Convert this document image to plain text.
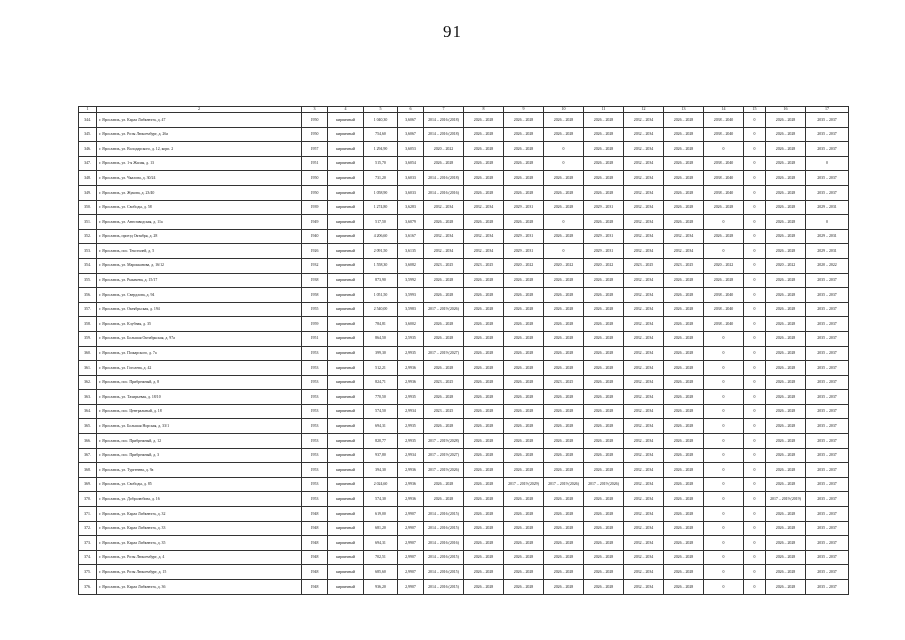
91
1	2	3	4	5	6	7	8	9	10	11	12	13	14	15	16	17
344.	г. Ярославль, ул. Карла Либкнехта, д. 47	1950	кирпичный	1 040,30	3,6067	2014 – 2016 (2018)	2026 – 2028	2026 – 2028	2026 – 2028	2026 – 2028	2032 – 2034	2026 – 2028	2038 – 2040	0	2026 – 2028	2035 – 2037
345.	г. Ярославль, ул. Розы Люксембург, д. 26а	1950	кирпичный	754,60	3,6067	2014 – 2016 (2018)	2026 – 2028	2026 – 2028	2026 – 2028	2026 – 2028	2032 – 2034	2026 – 2028	2038 – 2040	0	2026 – 2028	2035 – 2037
346.	г. Ярославль, ул. Володарского, д. 12, корп. 2	1957	кирпичный	1 294,90	3,6053	2020 – 2022	2026 – 2028	2026 – 2028	0	2026 – 2028	2032 – 2034	2026 – 2028	0	0	2026 – 2028	2035 – 2037
347.	г. Ярославль, ул. 1-я Жилая, д. 13	1951	кирпичный	515,70	3,6054	2026 – 2028	2026 – 2028	2026 – 2028	0	2026 – 2028	2032 – 2034	2026 – 2028	2038 – 2040	0	2026 – 2028	0
348.	г. Ярославль, ул. Чкалова, д. 30/24	1950	кирпичный	731,20	3,6033	2014 – 2016 (2018)	2026 – 2028	2026 – 2028	2026 – 2028	2026 – 2028	2032 – 2034	2026 – 2028	2038 – 2040	0	2026 – 2028	2035 – 2037
349.	г. Ярославль, ул. Жукова, д. 23/40	1950	кирпичный	1 058,90	3,6033	2014 – 2016 (2016)	2026 – 2028	2026 – 2028	2026 – 2028	2026 – 2028	2032 – 2034	2026 – 2028	2038 – 2040	0	2026 – 2028	2035 – 2037
350.	г. Ярославль, ул. Свободы, д. 58	1939	кирпичный	1 274,80	3,6283	2032 – 2034	2032 – 2034	2029 – 2031	2026 – 2028	2029 – 2031	2032 – 2034	2026 – 2028	2026 – 2028	0	2026 – 2028	2029 – 2031
351.	г. Ярославль, ул. Автозаводская, д. 11а	1949	кирпичный	517,50	3,6079	2026 – 2028	2026 – 2028	2026 – 2028	0	2026 – 2028	2032 – 2034	2026 – 2028	0	0	2026 – 2028	0
352.	г. Ярославль, проезд Октября, д. 28	1940	кирпичный	4 206,60	3,6167	2032 – 2034	2032 – 2034	2029 – 2031	2026 – 2028	2029 – 2031	2032 – 2034	2032 – 2034	2026 – 2028	0	2026 – 2028	2029 – 2031
353.	г. Ярославль, пос. Текстилей, д. 5	1926	кирпичный	2 091,50	3,6135	2032 – 2034	2032 – 2034	2029 – 2031	0	2029 – 2031	2032 – 2034	2032 – 2034	0	0	2026 – 2028	2029 – 2031
354.	г. Ярославль, ул. Марокканова, д. 16/12	1932	кирпичный	1 558,30	3,6082	2023 – 2025	2023 – 2025	2020 – 2022	2020 – 2022	2020 – 2022	2023 – 2025	2023 – 2025	2020 – 2022	0	2020 – 2022	2020 – 2022
355.	г. Ярославль, ул. Рыкачева, д. 15/17	1938	кирпичный	873,90	3,5992	2026 – 2028	2026 – 2028	2026 – 2028	2026 – 2028	2026 – 2028	2032 – 2034	2026 – 2028	2026 – 2028	0	2026 – 2028	2035 – 2037
356.	г. Ярославль, ул. Свердлова, д. 94	1958	кирпичный	1 051,50	3,5993	2026 – 2028	2026 – 2028	2026 – 2028	2026 – 2028	2026 – 2028	2032 – 2034	2026 – 2028	2038 – 2040	0	2026 – 2028	2035 – 2037
357.	г. Ярославль, ул. Октябрьская, д. 194	1955	кирпичный	2 540,00	3,5983	2017 – 2019 (2026)	2026 – 2028	2026 – 2028	2026 – 2028	2026 – 2028	2032 – 2034	2026 – 2028	2038 – 2040	0	2026 – 2028	2035 – 2037
358.	г. Ярославль, ул. Клубная, д. 35	1959	кирпичный	784,81	3,6002	2026 – 2028	2026 – 2028	2026 – 2028	2026 – 2028	2026 – 2028	2032 – 2034	2026 – 2028	2038 – 2040	0	2026 – 2028	2035 – 2037
359.	г. Ярославль, ул. Большая Октябрьская, д. 97а	1951	кирпичный	864,50	2,5935	2026 – 2028	2026 – 2028	2026 – 2028	2026 – 2028	2026 – 2028	2032 – 2034	2026 – 2028	0	0	2026 – 2028	2035 – 2037
360.	г. Ярославль, ул. Пожарского, д. 7а	1953	кирпичный	399,30	2,9935	2017 – 2019 (2027)	2026 – 2028	2026 – 2028	2026 – 2028	2026 – 2028	2032 – 2034	2026 – 2028	0	0	2026 – 2028	2035 – 2037
361.	г. Ярославль, ул. Гоголева, д. 42	1953	кирпичный	512,21	2,9936	2026 – 2028	2026 – 2028	2026 – 2028	2026 – 2028	2026 – 2028	2032 – 2034	2026 – 2028	0	0	2026 – 2028	2035 – 2037
362.	г. Ярославль, пос. Прибрежный, д. 8	1953	кирпичный	824,71	2,9936	2023 – 2025	2026 – 2028	2026 – 2028	2023 – 2025	2026 – 2028	2032 – 2034	2026 – 2028	0	0	2026 – 2028	2035 – 2037
363.	г. Ярославль, ул. Тахирьевая, д. 18/10	1953	кирпичный	770,50	2,9935	2026 – 2028	2026 – 2028	2026 – 2028	2026 – 2028	2026 – 2028	2032 – 2034	2026 – 2028	0	0	2026 – 2028	2035 – 2037
364.	г. Ярославль, пос. Центральный, д. 18	1953	кирпичный	574,50	2,9934	2023 – 2025	2026 – 2028	2026 – 2028	2026 – 2028	2026 – 2028	2032 – 2034	2026 – 2028	0	0	2026 – 2028	2035 – 2037
365.	г. Ярославль, ул. Большая Норская, д. 33/1	1953	кирпичный	694,31	2,9935	2026 – 2028	2026 – 2028	2026 – 2028	2026 – 2028	2026 – 2028	2032 – 2034	2026 – 2028	0	0	2026 – 2028	2035 – 2037
366.	г. Ярославль, пос. Прибрежный, д. 12	1953	кирпичный	820,77	2,9935	2017 – 2019 (2028)	2026 – 2028	2026 – 2028	2026 – 2028	2026 – 2028	2032 – 2034	2026 – 2028	0	0	2026 – 2028	2035 – 2037
367.	г. Ярославль, пос. Прибрежный, д. 3	1953	кирпичный	937,80	2,9934	2017 – 2019 (2027)	2026 – 2028	2026 – 2028	2026 – 2028	2026 – 2028	2032 – 2034	2026 – 2028	0	0	2026 – 2028	2035 – 2037
368.	г. Ярославль, ул. Тургенева, д. 9а	1953	кирпичный	394,30	2,9936	2017 – 2019 (2026)	2026 – 2028	2026 – 2028	2026 – 2028	2026 – 2028	2032 – 2034	2026 – 2028	0	0	2026 – 2028	2035 – 2037
369.	г. Ярославль, ул. Свободы, д. 85	1953	кирпичный	2 024,60	2,9936	2026 – 2028	2026 – 2028	2017 – 2019 (2029)	2017 – 2019 (2026)	2017 – 2019 (2026)	2032 – 2034	2026 – 2028	0	0	2026 – 2028	2035 – 2037
370.	г. Ярославль, ул. Добролюбова, д. 16	1953	кирпичный	574,30	2,9936	2026 – 2028	2026 – 2028	2026 – 2028	2026 – 2028	2026 – 2028	2032 – 2034	2026 – 2028	0	0	2017 – 2019 (2019)	2035 – 2037
371.	г. Ярославль, ул. Карла Либкнехта, д. 32	1948	кирпичный	619,00	2,9907	2014 – 2016 (2015)	2026 – 2028	2026 – 2028	2026 – 2028	2026 – 2028	2032 – 2034	2026 – 2028	0	0	2026 – 2028	2035 – 2037
372.	г. Ярославль, ул. Карла Либкнехта, д. 33	1948	кирпичный	681,20	2,9907	2014 – 2016 (2015)	2026 – 2028	2026 – 2028	2026 – 2028	2026 – 2028	2032 – 2034	2026 – 2028	0	0	2026 – 2028	2035 – 2037
373.	г. Ярославль, ул. Карла Либкнехта, д. 35	1948	кирпичный	694,31	2,9907	2014 – 2016 (2016)	2026 – 2028	2026 – 2028	2026 – 2028	2026 – 2028	2032 – 2034	2026 – 2028	0	0	2026 – 2028	2035 – 2037
374.	г. Ярославль, ул. Розы Люксембург, д. 4	1948	кирпичный	702,51	2,9907	2014 – 2016 (2015)	2026 – 2028	2026 – 2028	2026 – 2028	2026 – 2028	2032 – 2034	2026 – 2028	0	0	2026 – 2028	2035 – 2037
375.	г. Ярославль, ул. Розы Люксембург, д. 15	1948	кирпичный	685,60	2,9907	2014 – 2016 (2015)	2026 – 2028	2026 – 2028	2026 – 2028	2026 – 2028	2032 – 2034	2026 – 2028	0	0	2026 – 2028	2035 – 2037
376.	г. Ярославль, ул. Карла Либкнехта, д. 36	1948	кирпичный	936,20	2,9907	2014 – 2016 (2015)	2026 – 2028	2026 – 2028	2026 – 2028	2026 – 2028	2032 – 2034	2026 – 2028	0	0	2026 – 2028	2035 – 2037
